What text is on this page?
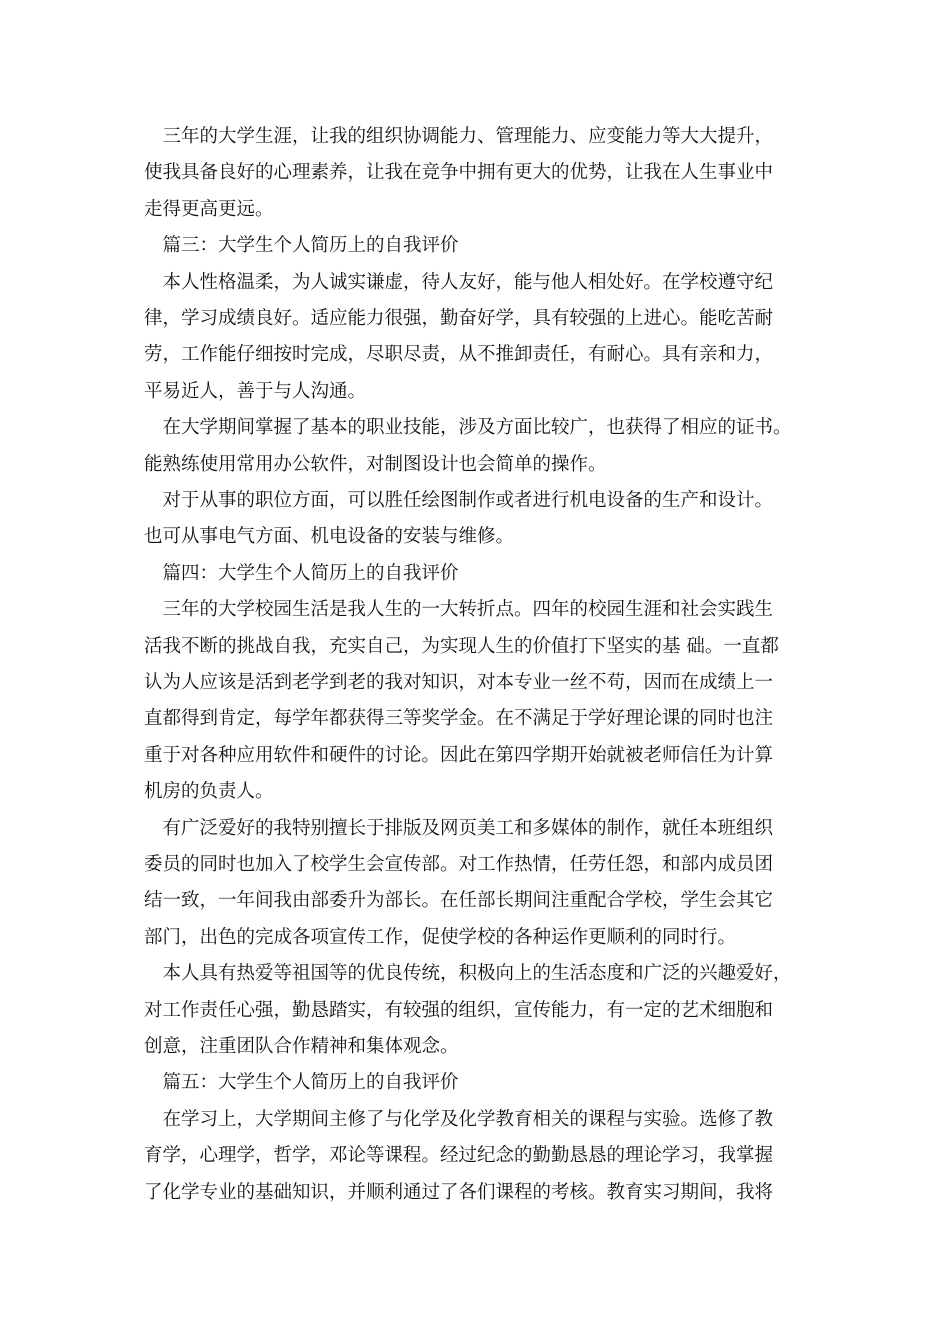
　三年的大学生涯，让我的组织协调能力、管理能力、应变能力等大大提升，
使我具备良好的心理素养，让我在竞争中拥有更大的优势，让我在人生事业中
走得更高更远。
　篇三：大学生个人简历上的自我评价
　本人性格温柔，为人诚实谦虚，待人友好，能与他人相处好。在学校遵守纪
律，学习成绩良好。适应能力很强，勤奋好学，具有较强的上进心。能吃苦耐
劳，工作能仔细按时完成，尽职尽责，从不推卸责任，有耐心。具有亲和力，
平易近人，善于与人沟通。
　在大学期间掌握了基本的职业技能，涉及方面比较广，也获得了相应的证书。
能熟练使用常用办公软件，对制图设计也会简单的操作。
　对于从事的职位方面，可以胜任绘图制作或者进行机电设备的生产和设计。
也可从事电气方面、机电设备的安装与维修。
　篇四：大学生个人简历上的自我评价
　三年的大学校园生活是我人生的一大转折点。四年的校园生涯和社会实践生
活我不断的挑战自我，充实自己，为实现人生的价值打下坚实的基 础。一直都
认为人应该是活到老学到老的我对知识，对本专业一丝不苟，因而在成绩上一
直都得到肯定，每学年都获得三等奖学金。在不满足于学好理论课的同时也注
重于对各种应用软件和硬件的讨论。因此在第四学期开始就被老师信任为计算
机房的负责人。
　有广泛爱好的我特别擅长于排版及网页美工和多媒体的制作，就任本班组织
委员的同时也加入了校学生会宣传部。对工作热情，任劳任怨，和部内成员团
结一致，一年间我由部委升为部长。在任部长期间注重配合学校，学生会其它
部门，出色的完成各项宣传工作，促使学校的各种运作更顺利的同时行。
　本人具有热爱等祖国等的优良传统，积极向上的生活态度和广泛的兴趣爱好，
对工作责任心强，勤恳踏实，有较强的组织，宣传能力，有一定的艺术细胞和
创意，注重团队合作精神和集体观念。
　篇五：大学生个人简历上的自我评价
　在学习上，大学期间主修了与化学及化学教育相关的课程与实验。选修了教
育学，心理学，哲学，邓论等课程。经过纪念的勤勤恳恳的理论学习，我掌握
了化学专业的基础知识，并顺利通过了各们课程的考核。教育实习期间，我将
